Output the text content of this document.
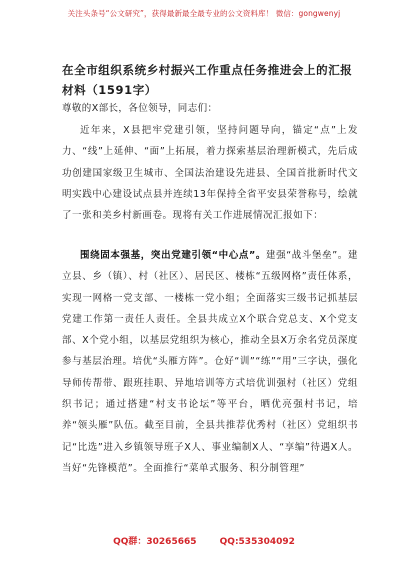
关注头条号“公文研究”，获得最新最全最专业的公文资料库！ 微信：gongwenyj
在全市组织系统乡村振兴工作重点任务推进会上的汇报材料（1591字）
尊敬的X部长，各位领导，同志们：

近年来，X县把牢党建引领，坚持问题导向，锚定“点”上发力、“线”上延伸、“面”上拓展，着力探索基层治理新模式，先后成功创建国家级卫生城市、全国法治建设先进县、全国首批新时代文明实践中心建设试点县并连续13年保持全省平安县荣誉称号，绘就了一张和美乡村新画卷。现将有关工作进展情况汇报如下：

围绕固本强基，突出党建引领“中心点”。建强“战斗堡垒”。建立县、乡（镇）、村（社区）、居民区、楼栋“五级网格”责任体系，实现一网格一党支部、一楼栋一党小组；全面落实三级书记抓基层党建工作第一责任人责任。全县共成立X个联合党总支、X个党支部、X个党小组，以基层党组织为核心，推动全县X万余名党员深度参与基层治理。培优“头雁方阵”。仓好“训”“练”“用”三字诀，强化导师传帮带、跟班挂职、异地培训等方式培优训强村（社区）党组织书记；通过搭建“村支书论坛”等平台，晒优亮强村书记，培养“领头雁”队伍。截至目前，全县共推荐优秀村（社区）党组织书记“比选”进入乡镇领导班子X人、事业编制X人、“享编”待遇X人。当好“先锋模范”。全面推行“菜单式服务、积分制管理”

QQ群：30265665	QQ:535304092
